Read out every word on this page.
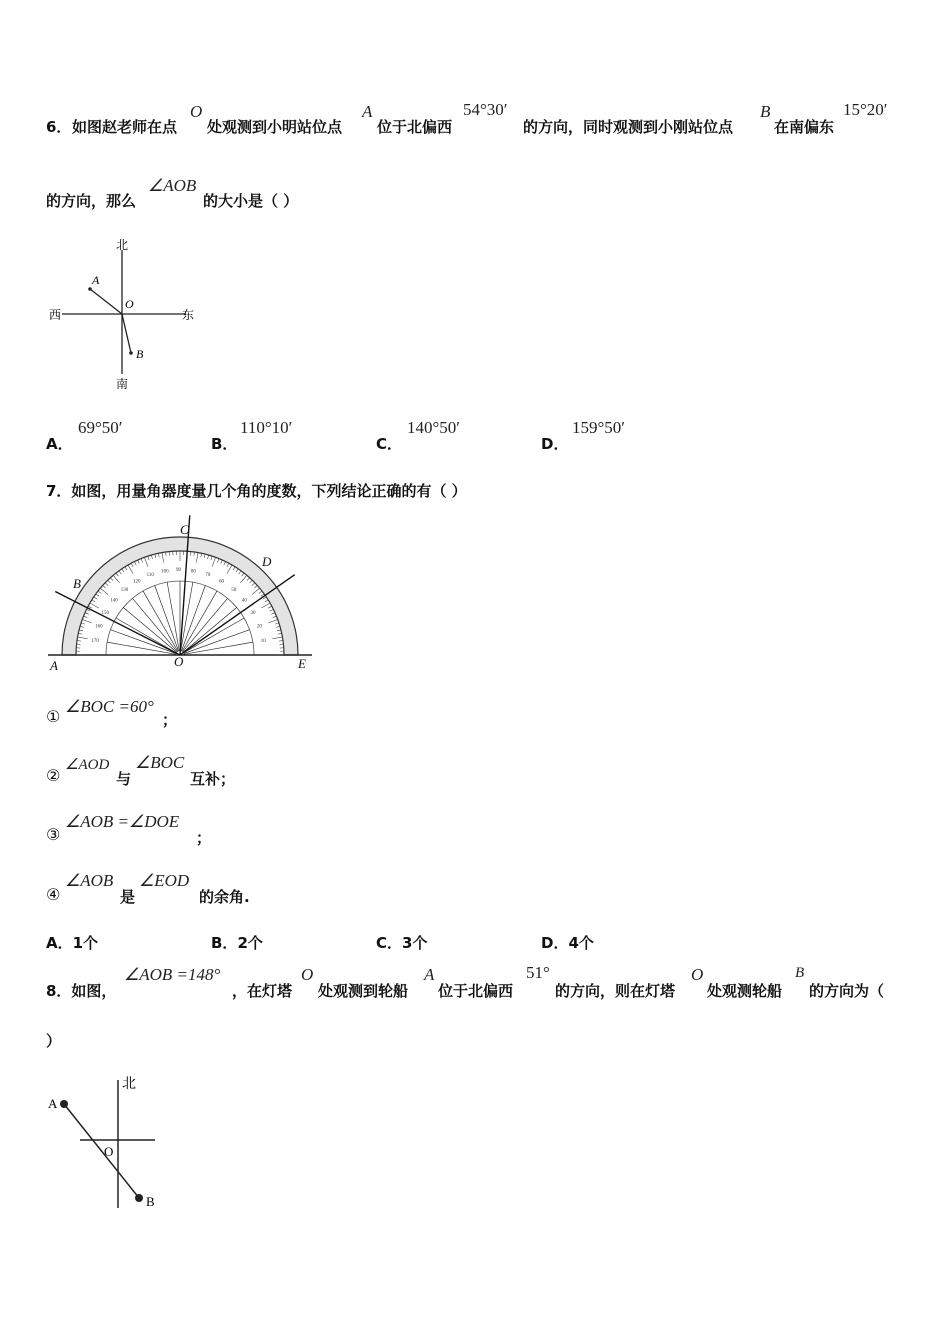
6． 如图赵老师在点
O
处观测到小明站位点
A
位于北偏西
54°30′
的方向，同时观测到小刚站位点
B
在南偏东
15°20′
的方向，那么
∠AOB
的大小是（ ）
北
南
西	东
A
O
B
A．
69°50′
B．
110°10′
C．
140°50′
D．
159°50′
7．如图，用量角器度量几个角的度数，下列结论正确的有（ ）
10
20
30
40
50
60
70
80
90
100
110
120
130
140
150
160
170
A	E
O
C
B
D
①
∠BOC =60°
；
②
∠AOD
与
∠BOC
互补；
③
∠AOB =∠DOE
；
④
∠AOB
是
∠EOD
的余角.
A．1个	B．2个	C．3个	D．4个
8．如图，
∠AOB =148°
，在灯塔
O
处观测到轮船
A
位于北偏西
51°
的方向，则在灯塔
O
处观测轮船
B
的方向为（
）
北
A
O
B
